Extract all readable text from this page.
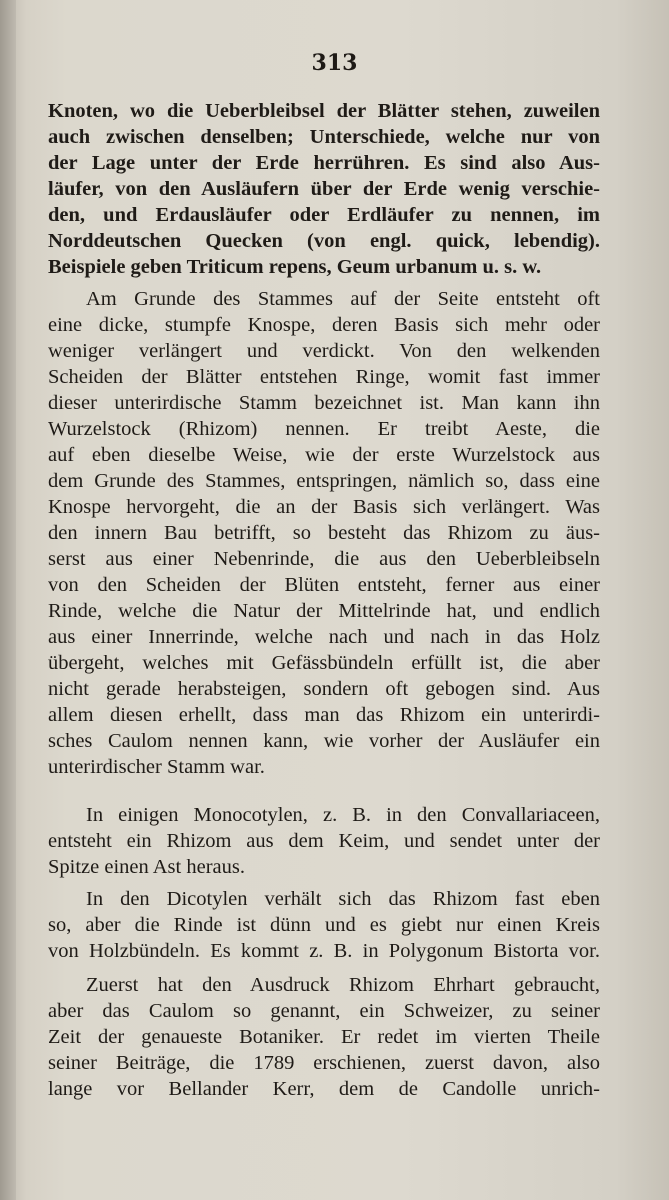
313
Knoten, wo die Ueberbleibsel der Blätter stehen, zuweilen
auch zwischen denselben; Unterschiede, welche nur von
der Lage unter der Erde herrühren. Es sind also Aus-
läufer, von den Ausläufern über der Erde wenig verschie-
den, und Erdausläufer oder Erdläufer zu nennen, im
Norddeutschen Quecken (von engl. quick, lebendig).
Beispiele geben Triticum repens, Geum urbanum u. s. w.
Am Grunde des Stammes auf der Seite entsteht oft
eine dicke, stumpfe Knospe, deren Basis sich mehr oder
weniger verlängert und verdickt. Von den welkenden
Scheiden der Blätter entstehen Ringe, womit fast immer
dieser unterirdische Stamm bezeichnet ist. Man kann ihn
Wurzelstock (Rhizom) nennen. Er treibt Aeste, die
auf eben dieselbe Weise, wie der erste Wurzelstock aus
dem Grunde des Stammes, entspringen, nämlich so, dass eine
Knospe hervorgeht, die an der Basis sich verlängert. Was
den innern Bau betrifft, so besteht das Rhizom zu äus-
serst aus einer Nebenrinde, die aus den Ueberbleibseln
von den Scheiden der Blüten entsteht, ferner aus einer
Rinde, welche die Natur der Mittelrinde hat, und endlich
aus einer Innerrinde, welche nach und nach in das Holz
übergeht, welches mit Gefässbündeln erfüllt ist, die aber
nicht gerade herabsteigen, sondern oft gebogen sind. Aus
allem diesen erhellt, dass man das Rhizom ein unterirdi-
sches Caulom nennen kann, wie vorher der Ausläufer ein
unterirdischer Stamm war.
In einigen Monocotylen, z. B. in den Convallariaceen,
entsteht ein Rhizom aus dem Keim, und sendet unter der
Spitze einen Ast heraus.
In den Dicotylen verhält sich das Rhizom fast eben
so, aber die Rinde ist dünn und es giebt nur einen Kreis
von Holzbündeln. Es kommt z. B. in Polygonum Bistorta vor.
Zuerst hat den Ausdruck Rhizom Ehrhart gebraucht,
aber das Caulom so genannt, ein Schweizer, zu seiner
Zeit der genaueste Botaniker. Er redet im vierten Theile
seiner Beiträge, die 1789 erschienen, zuerst davon, also
lange vor Bellander Kerr, dem de Candolle unrich-
